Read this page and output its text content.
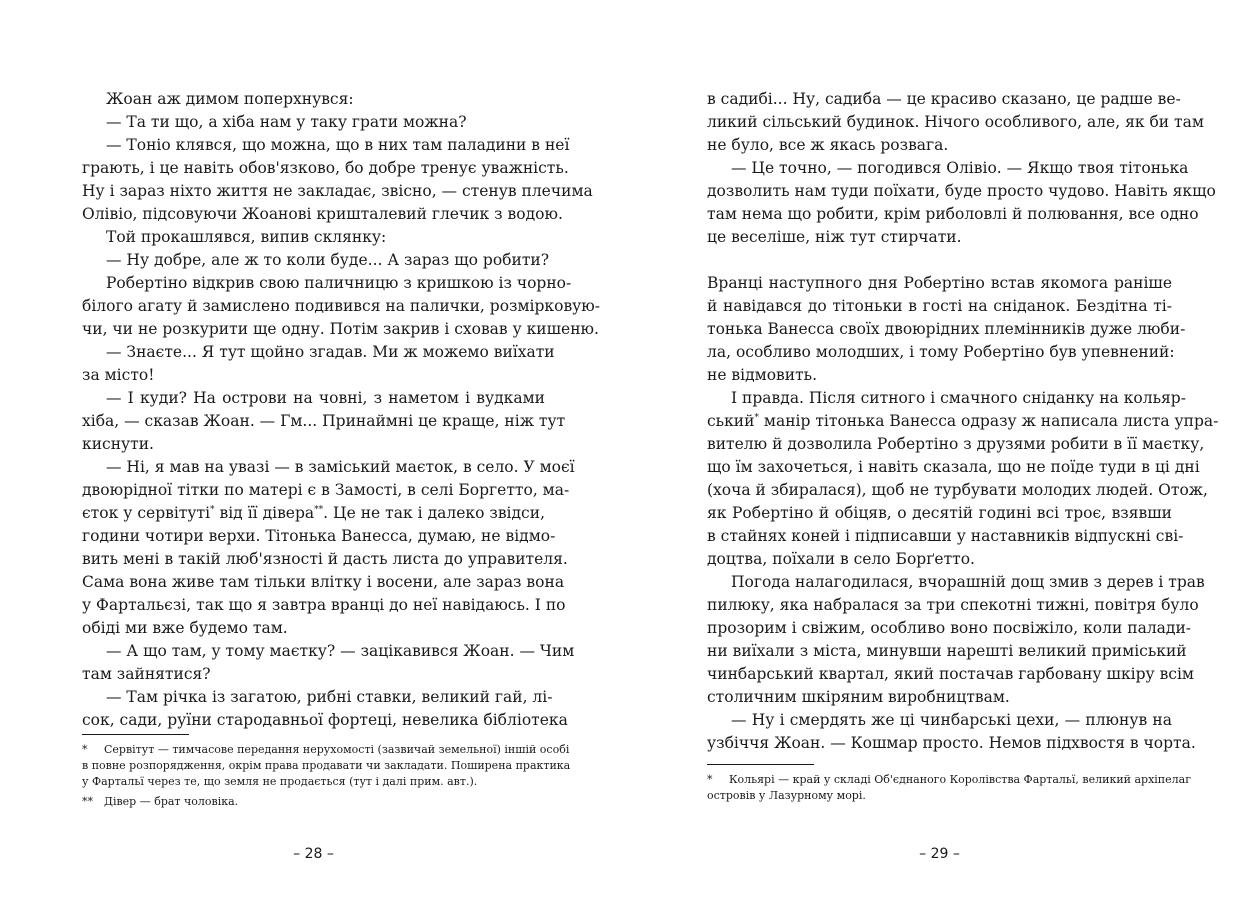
Жоан аж димом поперхнувся:
— Та ти що, а хіба нам у таку грати можна?
— Тоніо клявся, що можна, що в них там паладини в неї
грають, і це навіть обов'язково, бо добре тренує уважність.
Ну і зараз ніхто життя не закладає, звісно, — стенув плечима
Олівіо, підсовуючи Жоанові кришталевий глечик з водою.
Той прокашлявся, випив склянку:
— Ну добре, але ж то коли буде... А зараз що робити?
Робертіно відкрив свою паличницю з кришкою із чорно-
білого агату й замислено подивився на палички, розмірковую-
чи, чи не розкурити ще одну. Потім закрив і сховав у кишеню.
— Знаєте... Я тут щойно згадав. Ми ж можемо виїхати
за місто!
— І куди? На острови на човні, з наметом і вудками
хіба, — сказав Жоан. — Гм... Принаймні це краще, ніж тут
киснути.
— Ні, я мав на увазі — в заміський маєток, в село. У моєї
двоюрідної тітки по матері є в Замості, в селі Боргетто, ма-
єток у сервітуті* від її дівера**. Це не так і далеко звідси,
години чотири верхи. Тітонька Ванесса, думаю, не відмо-
вить мені в такій люб'язності й дасть листа до управителя.
Сама вона живе там тільки влітку і восени, але зараз вона
у Фартальєзі, так що я завтра вранці до неї навідаюсь. І по
обіді ми вже будемо там.
— А що там, у тому маєтку? — зацікавився Жоан. — Чим
там зайнятися?
— Там річка із загатою, рибні ставки, великий гай, лі-
сок, сади, руїни стародавньої фортеці, невелика бібліотека
* Сервітут — тимчасове передання нерухомості (зазвичай земельної) іншій особі
в повне розпорядження, окрім права продавати чи закладати. Поширена практика
у Фартальї через те, що земля не продається (тут і далі прим. авт.).
** Дівер — брат чоловіка.
– 28 –
в садибі... Ну, садиба — це красиво сказано, це радше ве-
ликий сільський будинок. Нічого особливого, але, як би там
не було, все ж якась розвага.
— Це точно, — погодився Олівіо. — Якщо твоя тітонька
дозволить нам туди поїхати, буде просто чудово. Навіть якщо
там нема що робити, крім риболовлі й полювання, все одно
це веселіше, ніж тут стирчати.
Вранці наступного дня Робертіно встав якомога раніше
й навідався до тітоньки в гості на сніданок. Бездітна ті-
тонька Ванесса своїх двоюрідних племінників дуже люби-
ла, особливо молодших, і тому Робертіно був упевнений:
не відмовить.
І правда. Після ситного і смачного сніданку на кольяр-
ський* манір тітонька Ванесса одразу ж написала листа упра-
вителю й дозволила Робертіно з друзями робити в її маєтку,
що їм захочеться, і навіть сказала, що не поїде туди в ці дні
(хоча й збиралася), щоб не турбувати молодих людей. Отож,
як Робертіно й обіцяв, о десятій годині всі троє, взявши
в стайнях коней і підписавши у наставників відпускні сві-
доцтва, поїхали в село Борґетто.
Погода налагодилася, вчорашній дощ змив з дерев і трав
пилюку, яка набралася за три спекотні тижні, повітря було
прозорим і свіжим, особливо воно посвіжіло, коли палади-
ни виїхали з міста, минувши нарешті великий приміський
чинбарський квартал, який постачав гарбовану шкіру всім
столичним шкіряним виробництвам.
— Ну і смердять же ці чинбарські цехи, — плюнув на
узбіччя Жоан. — Кошмар просто. Немов підхвостя в чорта.
* Кольярі — край у складі Об'єднаного Королівства Фартальї, великий архіпелаг
островів у Лазурному морі.
– 29 –
